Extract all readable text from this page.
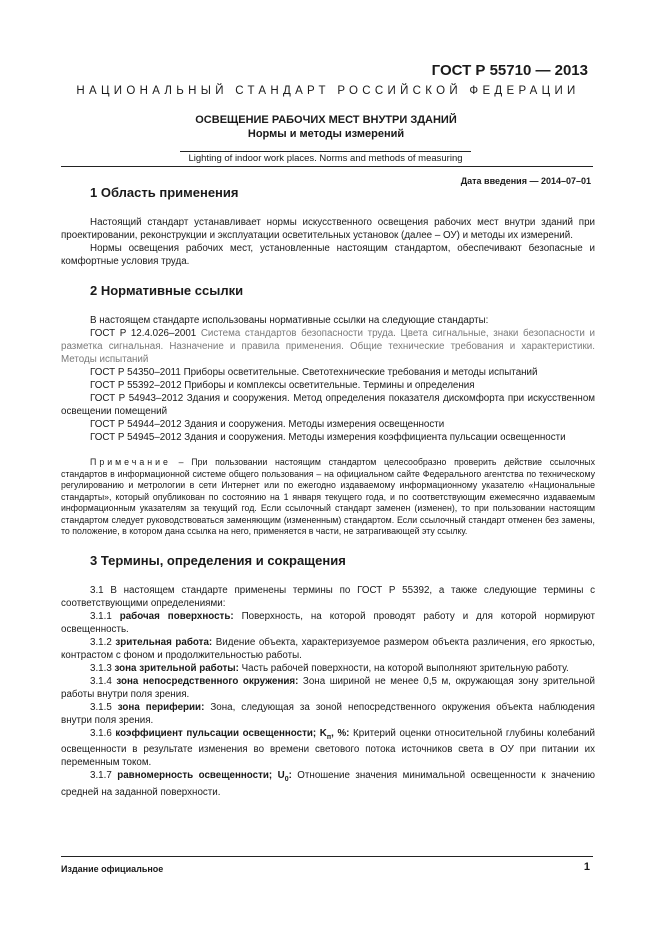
ГОСТ Р 55710 — 2013

НАЦИОНАЛЬНЫЙ СТАНДАРТ РОССИЙСКОЙ ФЕДЕРАЦИИ

ОСВЕЩЕНИЕ РАБОЧИХ МЕСТ ВНУТРИ ЗДАНИЙ
Нормы и методы измерений
Lighting of indoor work places. Norms and methods of measuring

Дата введения — 2014–07–01

1 Область применения

Настоящий стандарт устанавливает нормы искусственного освещения рабочих мест внутри зданий при проектировании, реконструкции и эксплуатации осветительных установок (далее – ОУ) и методы их измерений.

Нормы освещения рабочих мест, установленные настоящим стандартом, обеспечивают безопасные и комфортные условия труда.

2 Нормативные ссылки

В настоящем стандарте использованы нормативные ссылки на следующие стандарты:

ГОСТ Р 12.4.026–2001 Система стандартов безопасности труда. Цвета сигнальные, знаки безопасности и разметка сигнальная. Назначение и правила применения. Общие технические требования и характеристики. Методы испытаний

ГОСТ Р 54350–2011 Приборы осветительные. Светотехнические требования и методы испытаний

ГОСТ Р 55392–2012 Приборы и комплексы осветительные. Термины и определения

ГОСТ Р 54943–2012 Здания и сооружения. Метод определения показателя дискомфорта при искусственном освещении помещений

ГОСТ Р 54944–2012 Здания и сооружения. Методы измерения освещенности

ГОСТ Р 54945–2012 Здания и сооружения. Методы измерения коэффициента пульсации освещенности

Примечание – При пользовании настоящим стандартом целесообразно проверить действие ссылочных стандартов в информационной системе общего пользования – на официальном сайте Федерального агентства по техническому регулированию и метрологии в сети Интернет или по ежегодно издаваемому информационному указателю «Национальные стандарты», который опубликован по состоянию на 1 января текущего года, и по соответствующим ежемесячно издаваемым информационным указателям за текущий год. Если ссылочный стандарт заменен (изменен), то при пользовании настоящим стандартом следует руководствоваться заменяющим (измененным) стандартом. Если ссылочный стандарт отменен без замены, то положение, в котором дана ссылка на него, применяется в части, не затрагивающей эту ссылку.

3 Термины, определения и сокращения

3.1 В настоящем стандарте применены термины по ГОСТ Р 55392, а также следующие термины с соответствующими определениями:

3.1.1 рабочая поверхность: Поверхность, на которой проводят работу и для которой нормируют освещенность.

3.1.2 зрительная работа: Видение объекта, характеризуемое размером объекта различения, его яркостью, контрастом с фоном и продолжительностью работы.

3.1.3 зона зрительной работы: Часть рабочей поверхности, на которой выполняют зрительную работу.

3.1.4 зона непосредственного окружения: Зона шириной не менее 0,5 м, окружающая зону зрительной работы внутри поля зрения.

3.1.5 зона периферии: Зона, следующая за зоной непосредственного окружения объекта наблюдения внутри поля зрения.

3.1.6 коэффициент пульсации освещенности; $K_п$, %: Критерий оценки относительной глубины колебаний освещенности в результате изменения во времени светового потока источников света в ОУ при питании их переменным током.

3.1.7 равномерность освещенности; $U_0$: Отношение значения минимальной освещенности к значению средней на заданной поверхности.

Издание официальное	1
